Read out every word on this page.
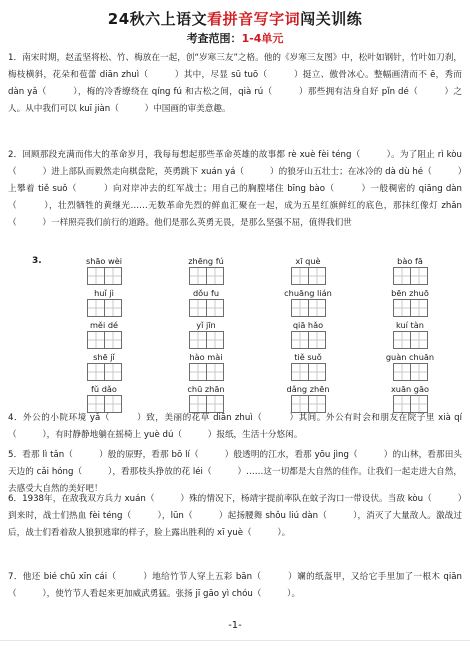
24秋六上语文看拼音写字词闯关训练
考查范围：1-4单元
1．南宋时期，赵孟坚将松、竹、梅放在一起，创“岁寒三友”之格。他的《岁寒三友图》中，松叶如钢针，竹叶如刀刹，梅枝横斜，花朵和苞蕾 diān zhuì（　　　）其中，尽显 sū tuō（　　　）挺立、傲骨冰心。整幅画清而不 ē，秀而 dàn yǎ（　　　），梅的冷香缭绕在 qíng fú 和古松之间，qià rú（　　　）那些拥有洁身自好 pǐn dé（　　　）之人。从中我们可以 kuī jiàn（　　　）中国画的审美意趣。
2．回顾那段充满而伟大的革命岁月，我每每想起那些革命英雄的故事都 rè xuè fèi téng（　　　）。为了阻止 rì kòu（　　　）进上部队而毅然走向棋盘陀，英勇跳下 xuán yá（　　　）的狼牙山五壮士；在冰冷的 dà dù hé（　　　）上攀着 tiě suǒ（　　　）向对岸冲去的红军战士；用自己的胸膛堵住 bīng bào（　　　）一般稠密的 qiāng dàn（　　　），壮烈牺牲的黄继光……无数革命先烈的鲜血汇聚在一起，成为五星红旗鲜红的底色，那抹红像灯 zhǎn（　　　）一样照亮我们前行的道路。他们是那么英勇无畏，是那么坚强不屈，值得我们世
3.	shāo wèi	zhēng fú	xī què	bào fā
huǐ jì	dǒu fu	chuāng lián	bēn zhuō
měi dé	yǐ jīn	qiā hǎo	kuí tàn
shē jǐ	hào mài	tiě suǒ	guàn chuān
fǔ dǎo	chū zhān	dǎng zhēn	xuān gāo
4．外公的小院环境 yǎ（　　　）致，美丽的花草 diān zhuì（　　　）其间。外公有时会和朋友在院子里 xià qí（　　　），有时静静地躺在摇椅上 yuè dú（　　　）报纸，生活十分悠闲。
5．看那 lì tǎn（　　　）般的原野，看那 bō lí（　　　）般透明的江水，看那 yōu jìng（　　　）的山林，看那田头天边的 cǎi hóng（　　　），看那枝头挣放的花 léi（　　　）……这一切都是大自然的佳作。让我们一起走进大自然，去感受大自然的美好吧！
6．1938年，在敌我双方兵力 xuán（　　　）殊的情况下，杨靖宇提前率队在蚊子沟口一带设伏。当敌 kòu（　　　）到来时，战士们热血 fèi téng（　　　），lūn（　　　）起扬腰舞 shǒu liú dàn（　　　），消灭了大量敌人。激战过后，战士们看着敌人狼狈逃窜的样子，脸上露出胜利的 xī yuè（　　　）。
7．他还 bié chū xīn cái（　　　）地给竹节人穿上五彩 bān（　　　）斓的纸盔甲，又给它手里加了一根木 qiān（　　　），使竹节人看起来更加威武勇猛。张扬 jī gāo yì chóu（　　　）。
-1-
